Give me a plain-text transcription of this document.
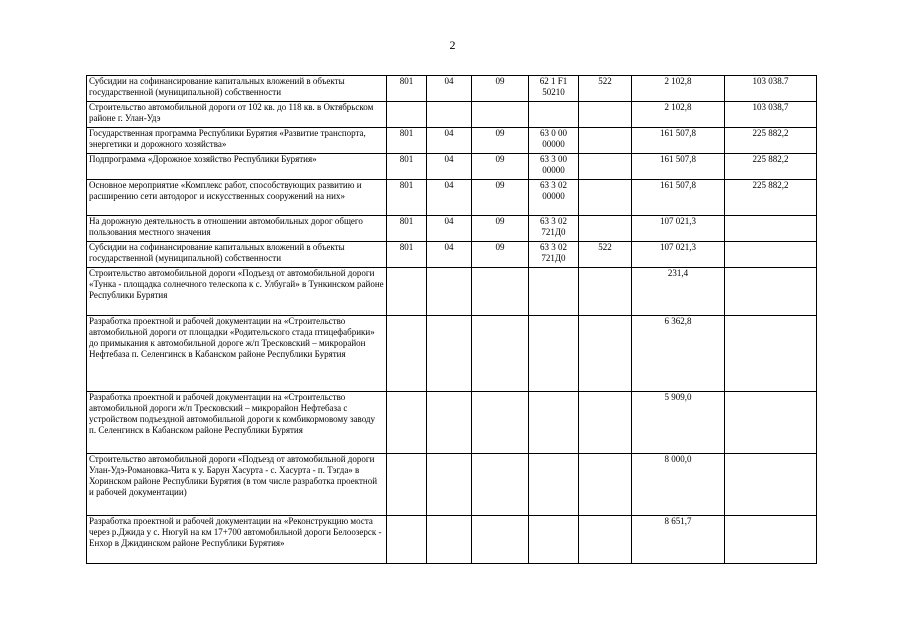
2
Субсидии на софинансирование капитальных вложений в объекты государственной (муниципальной) собственности	801	04	09	62 1 F1 50210	522	2 102,8	103 038.7
Строительство автомобильной дороги от 102 кв. до 118 кв. в Октябрьском районе г. Улан-Удэ						2 102,8	103 038,7
Государственная программа Республики Бурятия «Развитие транспорта, энергетики и дорожного хозяйства»	801	04	09	63 0 00 00000		161 507,8	225 882,2
Подпрограмма «Дорожное хозяйство Республики Бурятия»	801	04	09	63 3 00 00000		161 507,8	225 882,2
Основное мероприятие «Комплекс работ, способствующих развитию и расширению сети автодорог и искусственных сооружений на них»	801	04	09	63 3 02 00000		161 507,8	225 882,2
На дорожную деятельность в отношении автомобильных дорог общего пользования местного значения	801	04	09	63 3 02 721Д0		107 021,3	
Субсидии на софинансирование капитальных вложений в объекты государственной (муниципальной) собственности	801	04	09	63 3 02 721Д0	522	107 021,3	
Строительство автомобильной дороги «Подъезд от автомобильной дороги «Тунка - площадка солнечного телескопа к с. Улбугай» в Тункинском районе Республики Бурятия						231,4	
Разработка проектной и рабочей документации на «Строительство автомобильной дороги от площадки «Родительского стада птицефабрики» до примыкания к автомобильной дороге ж/п Тресковский – микрорайон Нефтебаза п. Селенгинск в Кабанском районе Республики Бурятия						6 362,8	
Разработка проектной и рабочей документации на «Строительство автомобильной дороги ж/п Тресковский – микрорайон Нефтебаза с устройством подъездной автомобильной дороги к комбикормовому заводу п. Селенгинск в Кабанском районе Республики Бурятия						5 909,0	
Строительство автомобильной дороги «Подъезд от автомобильной дороги Улан-Удэ-Романовка-Чита к у. Барун Хасурта - с. Хасурта - п. Тэгда» в Хоринском районе Республики Бурятия (в том числе разработка проектной и рабочей документации)						8 000,0	
Разработка проектной и рабочей документации на «Реконструкцию моста через р.Джида у с. Нюгуй на км 17+700 автомобильной дороги Белоозерск - Енхор в Джидинском районе Республики Бурятия»						8 651,7	
